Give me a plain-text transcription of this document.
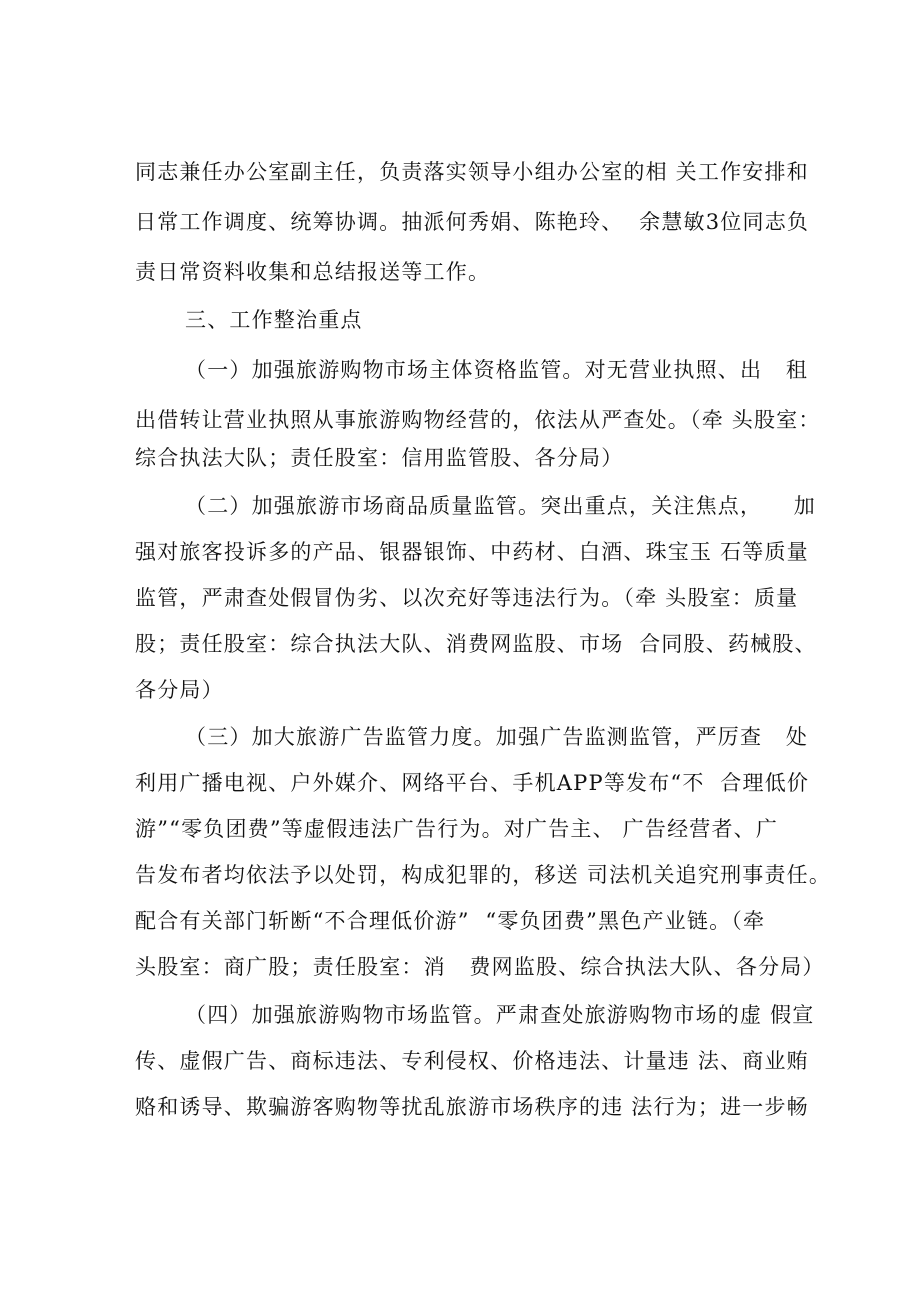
同志兼任办公室副主任，负责落实领导小组办公室的相 关工作安排和
日常工作调度、统筹协调。抽派何秀娟、陈艳玲、  余慧敏3位同志负
责日常资料收集和总结报送等工作。
三、工作整治重点
（一）加强旅游购物市场主体资格监管。对无营业执照、出   租
出借转让营业执照从事旅游购物经营的，依法从严查处。（牵 头股室：
综合执法大队；责任股室：信用监管股、各分局）
（二）加强旅游市场商品质量监管。突出重点，关注焦点，    加
强对旅客投诉多的产品、银器银饰、中药材、白酒、珠宝玉 石等质量
监管，严肃查处假冒伪劣、以次充好等违法行为。（牵 头股室：质量
股；责任股室：综合执法大队、消费网监股、市场  合同股、药械股、
各分局）
（三）加大旅游广告监管力度。加强广告监测监管，严厉查   处
利用广播电视、户外媒介、网络平台、手机APP等发布“不  合理低价
游”“零负团费”等虚假违法广告行为。对广告主、 广告经营者、广
告发布者均依法予以处罚，构成犯罪的，移送 司法机关追究刑事责任。
配合有关部门斩断“不合理低价游”  “零负团费”黑色产业链。（牵
头股室：商广股；责任股室：消   费网监股、综合执法大队、各分局）
（四）加强旅游购物市场监管。严肃查处旅游购物市场的虚 假宣
传、虚假广告、商标违法、专利侵权、价格违法、计量违 法、商业贿
赂和诱导、欺骗游客购物等扰乱旅游市场秩序的违 法行为；进一步畅
